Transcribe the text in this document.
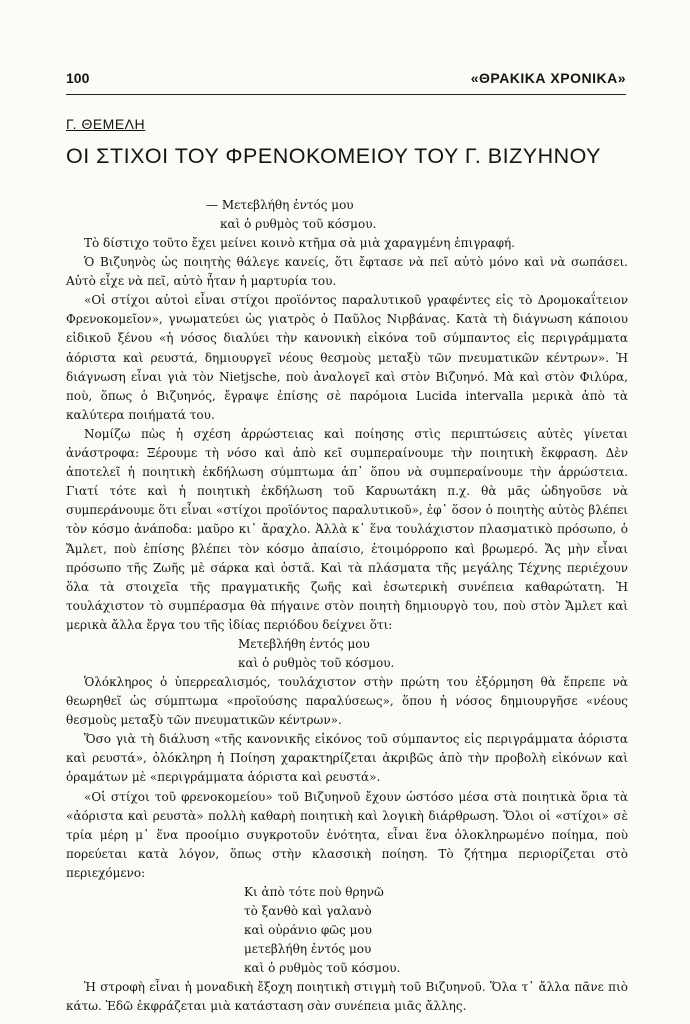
100	«ΘΡΑΚΙΚΑ ΧΡΟΝΙΚΑ»
Γ. ΘΕΜΕΛΗ
ΟΙ ΣΤΙΧΟΙ ΤΟΥ ΦΡΕΝΟΚΟΜΕΙΟΥ ΤΟΥ Γ. ΒΙΖΥΗΝΟΥ
— Μετεβλήθη ἐντός μου
καὶ ὁ ρυθμὸς τοῦ κόσμου.

Τὸ δίστιχο τοῦτο ἔχει μείνει κοινὸ κτῆμα σὰ μιὰ χαραγμένη ἐπιγραφή.

Ὁ Βιζυηνὸς ὡς ποιητὴς θάλεγε κανείς, ὅτι ἔφτασε νὰ πεῖ αὐτὸ μόνο καὶ νὰ σωπάσει. Αὐτὸ εἶχε νὰ πεῖ, αὐτὸ ἦταν ἡ μαρτυρία του.

«Οἱ στίχοι αὐτοὶ εἶναι στίχοι προϊόντος παραλυτικοῦ γραφέντες εἰς τὸ Δρομοκαΐτειον Φρενοκομεῖον», γνωματεύει ὡς γιατρὸς ὁ Παῦλος Νιρβάνας. Κατὰ τὴ διάγνωση κάποιου εἰδικοῦ ξένου «ἡ νόσος διαλύει τὴν κανονικὴ εἰκόνα τοῦ σύμπαντος εἰς περιγράμματα ἀόριστα καὶ ρευστά, δημιουργεῖ νέους θεσμοὺς μεταξὺ τῶν πνευματικῶν κέντρων». Ἡ διάγνωση εἶναι γιὰ τὸν Nietjsche, ποὺ ἀναλογεῖ καὶ στὸν Βιζυηνό. Μὰ καὶ στὸν Φιλύρα, ποὺ, ὅπως ὁ Βιζυηνός, ἔγραψε ἐπίσης σὲ παρόμοια Lucida intervalla μερικὰ ἀπὸ τὰ καλύτερα ποιήματά του.

Νομίζω πὼς ἡ σχέση ἀρρώστειας καὶ ποίησης στὶς περιπτώσεις αὐτὲς γίνεται ἀνάστροφα: Ξέρουμε τὴ νόσο καὶ ἀπὸ κεῖ συμπεραίνουμε τὴν ποιητικὴ ἔκφραση. Δὲν ἀποτελεῖ ἡ ποιητικὴ ἐκδήλωση σύμπτωμα ἀπ᾿ ὅπου νὰ συμπεραίνουμε τὴν ἀρρώστεια. Γιατί τότε καὶ ἡ ποιητικὴ ἐκδήλωση τοῦ Καρυωτάκη π.χ. θὰ μᾶς ὡδηγοῦσε νὰ συμπεράνουμε ὅτι εἶναι «στίχοι προϊόντος παραλυτικοῦ», ἐφ᾿ ὅσον ὁ ποιητὴς αὐτὸς βλέπει τὸν κόσμο ἀνάποδα: μαῦρο κι᾿ ἄραχλο. Ἀλλὰ κ᾿ ἕνα τουλάχιστον πλασματικὸ πρόσωπο, ὁ Ἄμλετ, ποὺ ἐπίσης βλέπει τὸν κόσμο ἀπαίσιο, ἑτοιμόρροπο καὶ βρωμερό. Ἄς μὴν εἶναι πρόσωπο τῆς Ζωῆς μὲ σάρκα καὶ ὀστᾶ. Καὶ τὰ πλάσματα τῆς μεγάλης Τέχνης περιέχουν ὅλα τὰ στοιχεῖα τῆς πραγματικῆς ζωῆς καὶ ἐσωτερικὴ συνέπεια καθαρώτατη. Ἡ τουλάχιστον τὸ συμπέρασμα θὰ πήγαινε στὸν ποιητὴ δημιουργὸ του, ποὺ στὸν Ἄμλετ καὶ μερικὰ ἄλλα ἔργα του τῆς ἰδίας περιόδου δείχνει ὅτι:

Μετεβλήθη ἐντός μου
καὶ ὁ ρυθμὸς τοῦ κόσμου.

Ὁλόκληρος ὁ ὑπερρεαλισμός, τουλάχιστον στὴν πρώτη του ἐξόρμηση θὰ ἔπρεπε νὰ θεωρηθεῖ ὡς σύμπτωμα «προϊούσης παραλύσεως», ὅπου ἡ νόσος δημιουργῆσε «νέους θεσμοὺς μεταξὺ τῶν πνευματικῶν κέντρων».

Ὅσο γιὰ τὴ διάλυση «τῆς κανονικῆς εἰκόνος τοῦ σύμπαντος εἰς περιγράμματα ἀόριστα καὶ ρευστά», ὁλόκληρη ἡ Ποίηση χαρακτηρίζεται ἀκριβῶς ἀπὸ τὴν προβολὴ εἰκόνων καὶ ὁραμάτων μὲ «περιγράμματα ἀόριστα καὶ ρευστά».

«Οἱ στίχοι τοῦ φρενοκομείου» τοῦ Βιζυηνοῦ ἔχουν ὡστόσο μέσα στὰ ποιητικὰ ὅρια τὰ «ἀόριστα καὶ ρευστὰ» πολλὴ καθαρὴ ποιητικὴ καὶ λογικὴ διάρθρωση. Ὅλοι οἱ «στίχοι» σὲ τρία μέρη μ᾿ ἕνα προοίμιο συγκροτοῦν ἑνότητα, εἶναι ἕνα ὁλοκληρωμένο ποίημα, ποὺ πορεύεται κατὰ λόγον, ὅπως στὴν κλασσικὴ ποίηση. Τὸ ζήτημα περιορίζεται στὸ περιεχόμενο:

Κι ἀπὸ τότε ποὺ θρηνῶ
τὸ ξανθὸ καὶ γαλανὸ
καὶ οὐράνιο φῶς μου
μετεβλήθη ἐντός μου
καὶ ὁ ρυθμὸς τοῦ κόσμου.

Ἡ στροφὴ εἶναι ἡ μοναδικὴ ἔξοχη ποιητικὴ στιγμὴ τοῦ Βιζυηνοῦ. Ὅλα τ᾿ ἄλλα πᾶνε πιὸ κάτω. Ἐδῶ ἐκφράζεται μιὰ κατάσταση σὰν συνέπεια μιᾶς ἄλλης.
